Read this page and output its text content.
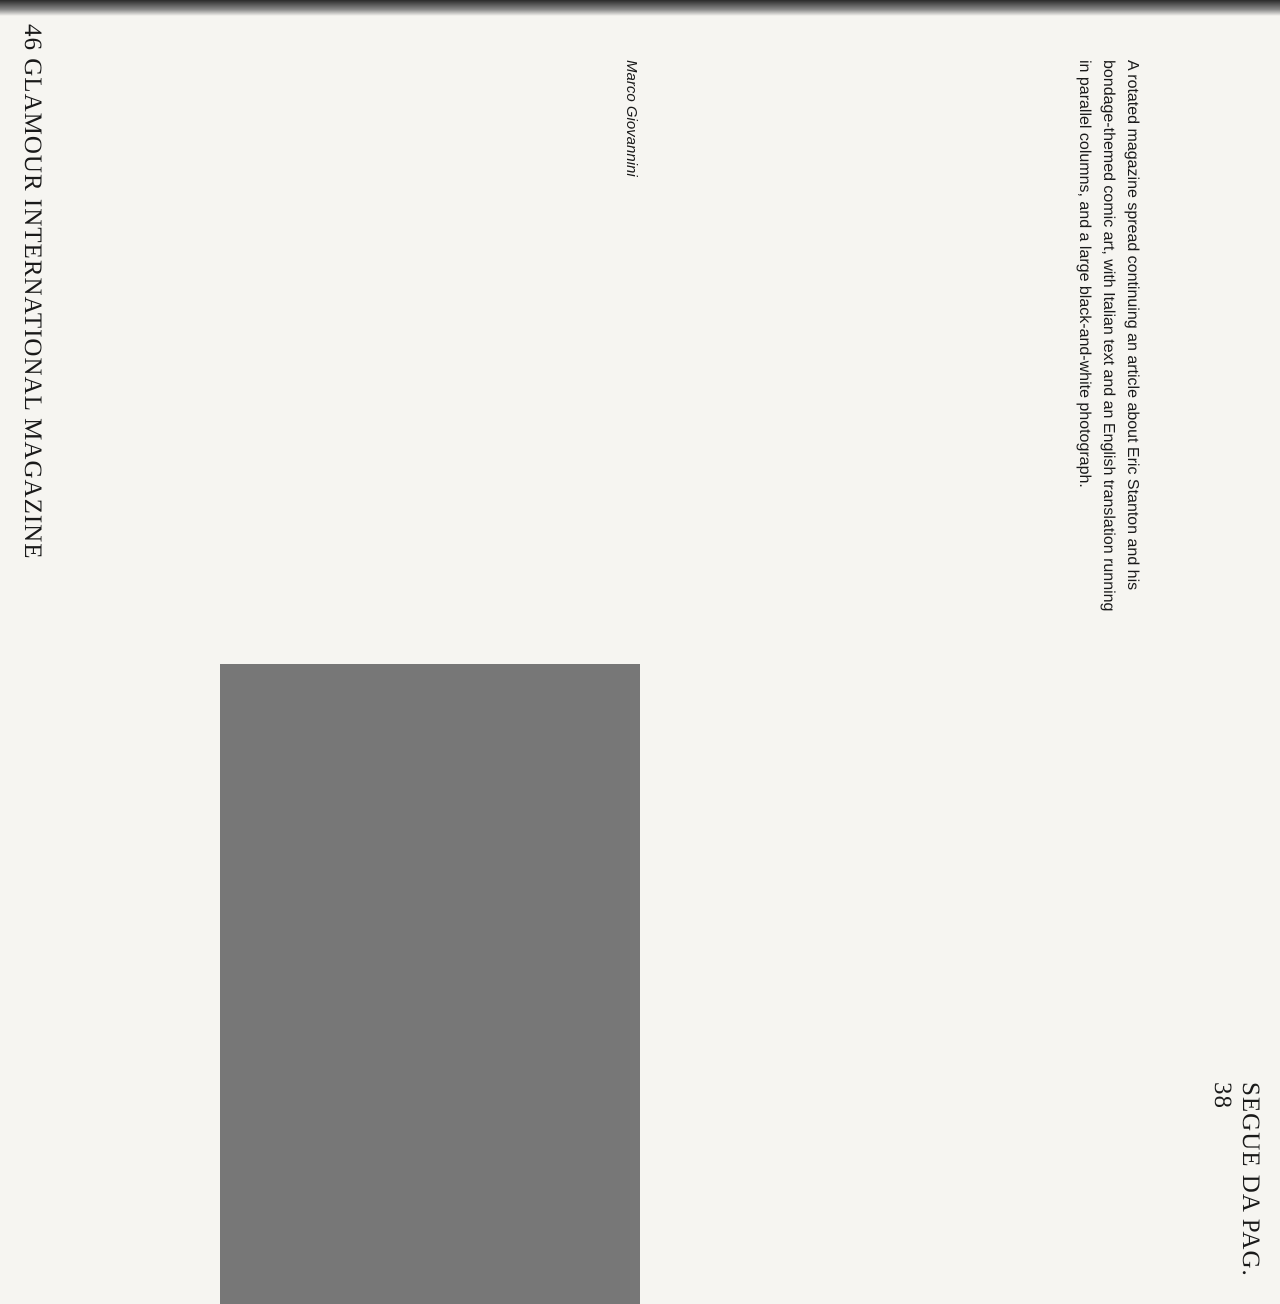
46 GLAMOUR INTERNATIONAL MAGAZINE
SEGUE DA PAG. 38

A rotated magazine spread continuing an article about Eric Stanton and his bondage-themed comic art, with Italian text and an English translation running in parallel columns, and a large black-and-white photograph.

Marco Giovannini
